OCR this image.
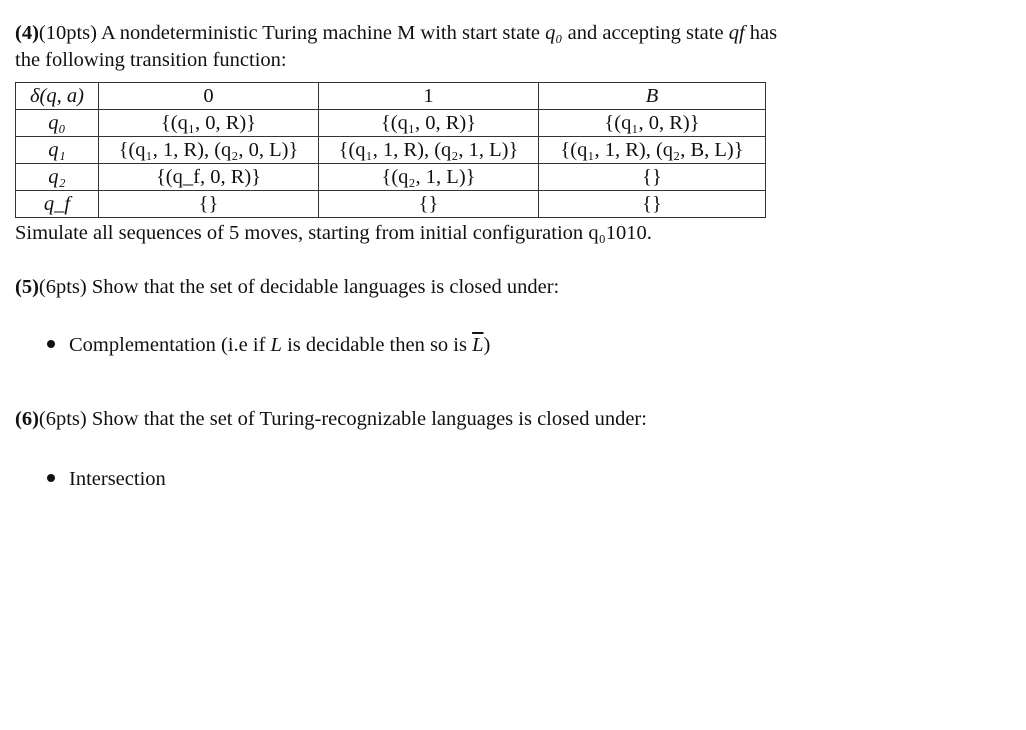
(4)(10pts) A nondeterministic Turing machine M with start state q₀ and accepting state qf has
the following transition function:

δ(q, a)	0	1	B
q₀	{(q₁, 0, R)}	{(q₁, 0, R)}	{(q₁, 0, R)}
q₁	{(q₁, 1, R), (q₂, 0, L)}	{(q₁, 1, R), (q₂, 1, L)}	{(q₁, 1, R), (q₂, B, L)}
q₂	{(q_f, 0, R)}	{(q₂, 1, L)}	{}
q_f	{}	{}	{}

Simulate all sequences of 5 moves, starting from initial configuration q₀1010.

(5)(6pts) Show that the set of decidable languages is closed under:

Complementation (i.e if L is decidable then so is $\overline{L}$)

(6)(6pts) Show that the set of Turing-recognizable languages is closed under:

Intersection
